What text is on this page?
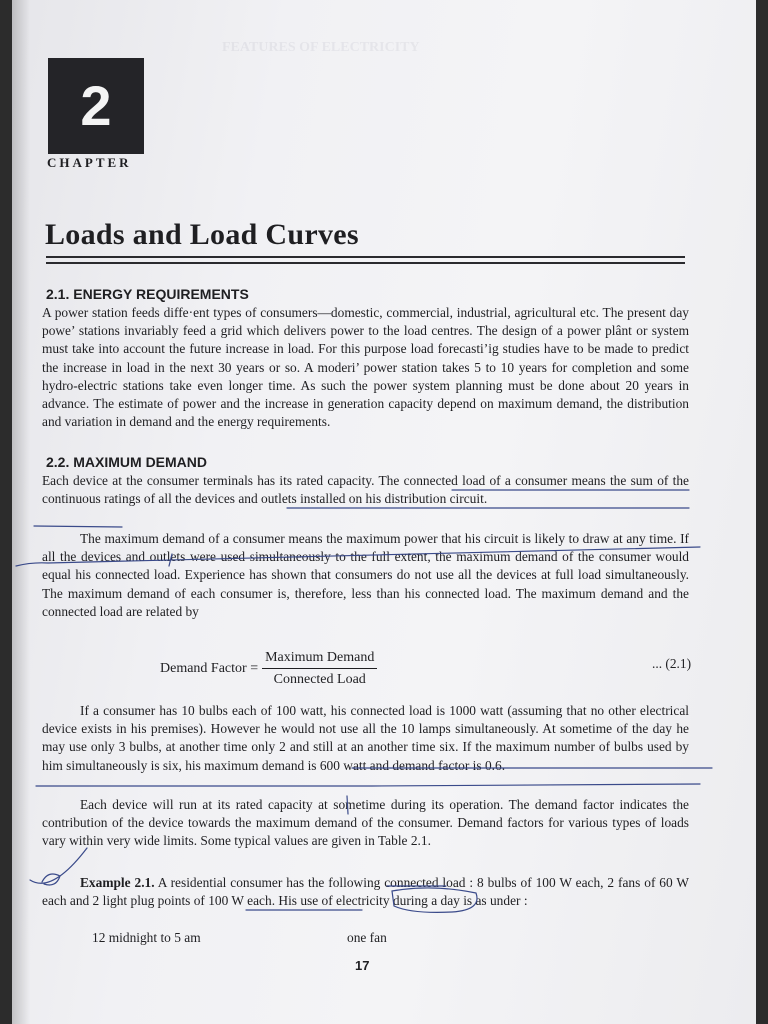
FEATURES OF ELECTRICITY
2
CHAPTER
Loads and Load Curves
2.1. ENERGY REQUIREMENTS

A power station feeds diffe·ent types of consumers—domestic, commercial, industrial, agricultural etc. The present day powe’ stations invariably feed a grid which delivers power to the load centres. The design of a power plânt or system must take into account the future increase in load. For this purpose load forecasti’ig studies have to be made to predict the increase in load in the next 30 years or so. A moderi’ power station takes 5 to 10 years for completion and some hydro-electric stations take even longer time. As such the power system planning must be done about 20 years in advance. The estimate of power and the increase in generation capacity depend on maximum demand, the distribution and variation in demand and the energy requirements.

2.2. MAXIMUM DEMAND

Each device at the consumer terminals has its rated capacity. The connected load of a consumer means the sum of the continuous ratings of all the devices and outlets installed on his distribution circuit.

The maximum demand of a consumer means the maximum power that his circuit is likely to draw at any time. If all the devices and outlets were used simultaneously to the full extent, the maximum demand of the consumer would equal his connected load. Experience has shown that consumers do not use all the devices at full load simultaneously. The maximum demand of each consumer is, therefore, less than his connected load. The maximum demand and the connected load are related by

Demand Factor = $\frac{\text{Maximum Demand}}{\text{Connected Load}}$	... (2.1)

If a consumer has 10 bulbs each of 100 watt, his connected load is 1000 watt (assuming that no other electrical device exists in his premises). However he would not use all the 10 lamps simultaneously. At sometime of the day he may use only 3 bulbs, at another time only 2 and still at an another time six. If the maximum number of bulbs used by him simultaneously is six, his maximum demand is 600 watt and demand factor is 0.6.

Each device will run at its rated capacity at sometime during its operation. The demand factor indicates the contribution of the device towards the maximum demand of the consumer. Demand factors for various types of loads vary within very wide limits. Some typical values are given in Table 2.1.

Example 2.1. A residential consumer has the following connected load : 8 bulbs of 100 W each, 2 fans of 60 W each and 2 light plug points of 100 W each. His use of electricity during a day is as under :

12 midnight to 5 am	one fan
17
